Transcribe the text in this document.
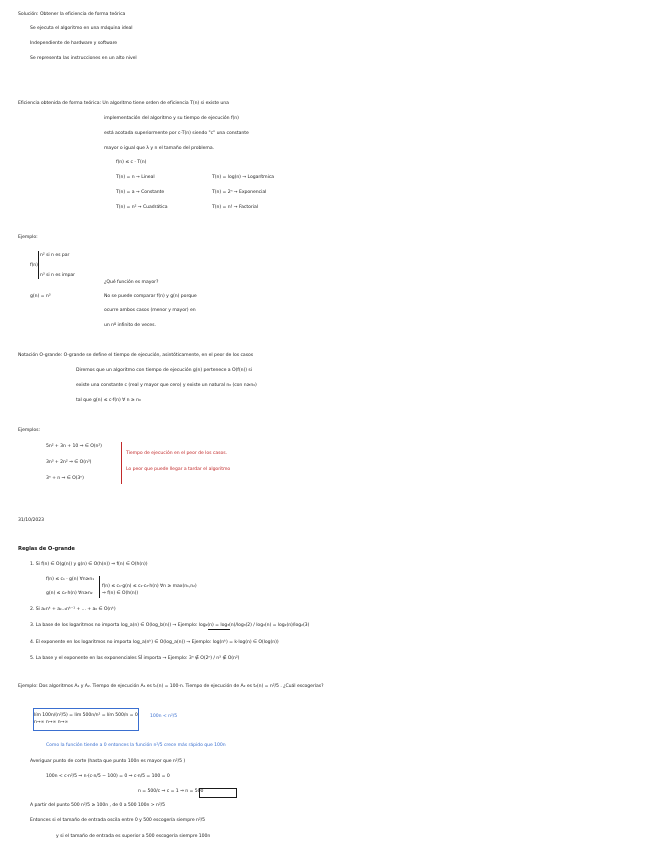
Solución: Obtener la eficiencia de forma teórica
Se ejecuta el algoritmo en una máquina ideal
Independiente de hardware y software
Se representa las instrucciones en un alto nivel
Eficiencia obtenida de forma teórica: Un algoritmo tiene orden de eficiencia T(n) si existe una
implementación del algoritmo y su tiempo de ejecución f(n)
está acotada superiormente por c·T(n) siendo "c" una constante
mayor o igual que λ y n el tamaño del problema.
f(n) ≤ c · T(n)
T(n) = n → Lineal	T(n) = log(n) → Logarítmica
T(n) = a → Constante	T(n) = 2ⁿ → Exponencial
T(n) = n² → Cuadrática	T(n) = n! → Factorial
Ejemplo:
n² si n es par
f(n)
n³ si n es impar
¿Qué función es mayor?
g(n) = n³	No se puede comparar f(n) y g(n) porque
ocurre ambos casos (menor y mayor) en
un nº infinito de veces.
Notación O-grande: O-grande se define el tiempo de ejecución, asintóticamente, en el peor de los casos
Diremos que un algoritmo con tiempo de ejecución g(n) pertenece a O(f(n)) si
existe una constante c (real y mayor que cero) y existe un natural n₀ (con n≥n₀)
tal que g(n) ≤ c·f(n) ∀ n ≥ n₀
Ejemplos:
5n² + 3n + 10 ⇒ ∈ O(n²)
3n³ + 2n² ⇒ ∈ O(n³)
3ⁿ + n ⇒ ∈ O(3ⁿ)
Tiempo de ejecución en el peor de los casos.
Lo peor que puede llegar a tardar el algoritmo
31/10/2023
Reglas de O-grande
1. Si f(n) ∈ O(g(n)) y g(n) ∈ O(h(n)) ⇒ f(n) ∈ O(h(n))
f(n) ≤ c₁ · g(n) ∀n≥n₁
f(n) ≤ c₁·g(n) ≤ c₁·c₂·h(n) ∀n ≥ max(n₁,n₂)
g(n) ≤ c₂·h(n) ∀n≥n₂ ⇒ f(n) ∈ O(h(n))
2. Si aₖnᵏ + aₖ₋₁nᵏ⁻¹ + ... + a₀ ∈ O(nᵏ)
3. La base de los logaritmos no importa log_a(n) ∈ O(log_b(n)) → Ejemplo: log₂(n) = log₃(n)/log₃(2) / log₃(n) = log₂(n)/log₂(3)
4. El exponente en los logaritmos no importa log_a(nᵏ) ∈ O(log_a(n)) → Ejemplo: log(nᵏ) = k·log(n) ∈ O(log(n))
5. La base y el exponente en las exponenciales SÍ importa → Ejemplo: 3ⁿ ∉ O(2ⁿ) / n³ ∉ O(n²)
Ejemplo: Dos algoritmos A₁ y A₂. Tiempo de ejecución A₁ es t₁(n) = 100·n. Tiempo de ejecución de A₂ es t₂(n) = n²/5 . ¿Cuál escogerías?
lím 100n/(n²/5) = lím 500n/n² = lím 500/n = 0
n→∞ n→∞ n→∞
100n < n²/5
Como la función tiende a 0 entonces la función n²/5 crece más rápido que 100n
Averiguar punto de corte (hasta que punto 100n es mayor que n²/5 )
100n < c·n²/5 ⇒ n·(c·n/5 − 100) = 0 ⇒ c·n/5 = 100 = 0
n = 500/c ⇒ c = 1 ⇒ n = 500
A partir del punto 500 n²/5 ≥ 100n , de 0 a 500 100n > n²/5
Entonces si el tamaño de entrada oscila entre 0 y 500 escogería siempre n²/5
y si el tamaño de entrada es superior a 500 escogería siempre 100n
